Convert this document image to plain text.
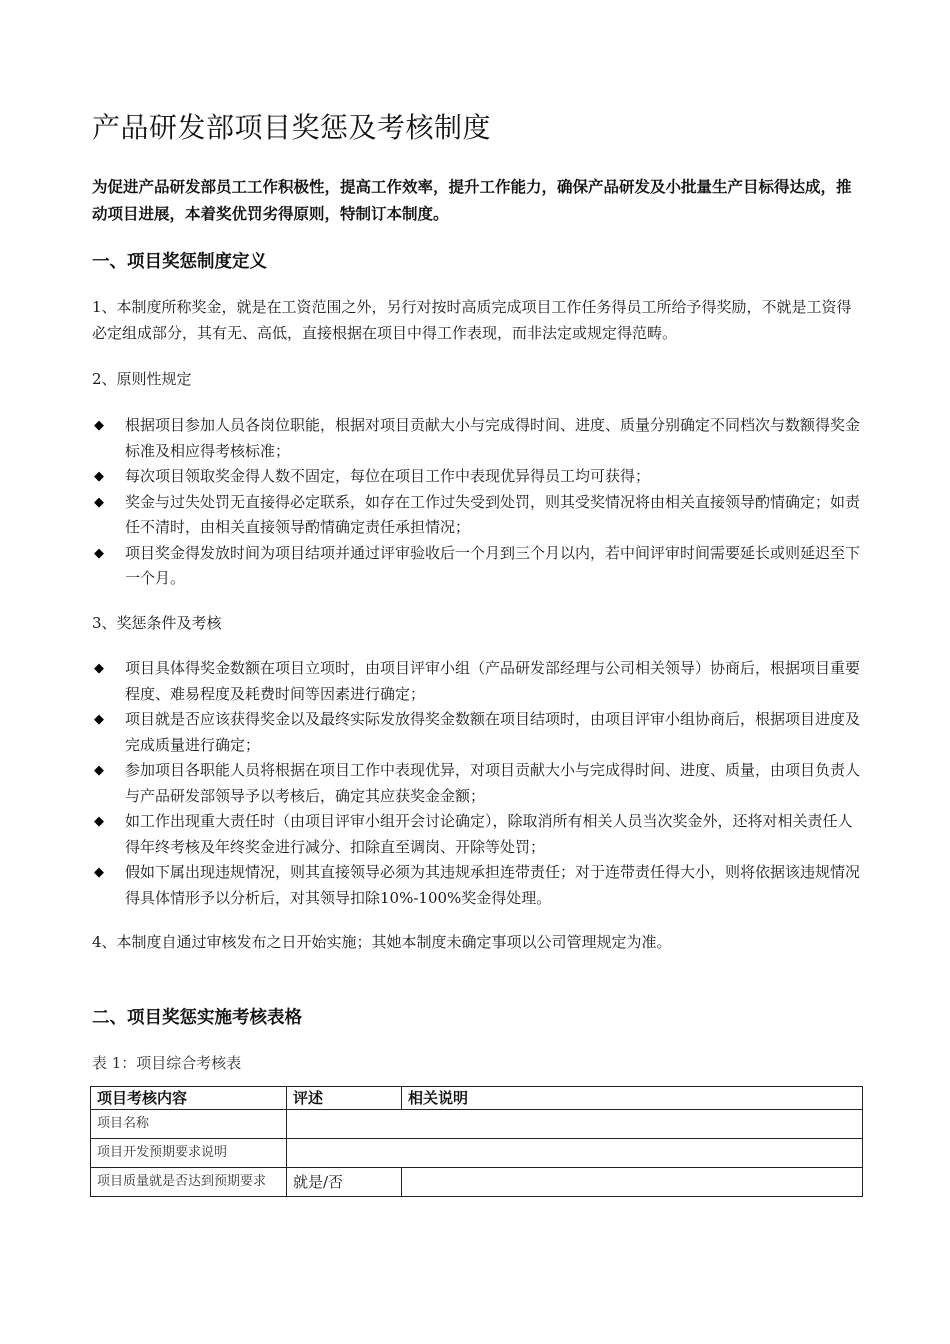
产品研发部项目奖惩及考核制度
为促进产品研发部员工工作积极性，提高工作效率，提升工作能力，确保产品研发及小批量生产目标得达成，推动项目进展，本着奖优罚劣得原则，特制订本制度。
一、项目奖惩制度定义
1、本制度所称奖金，就是在工资范围之外，另行对按时高质完成项目工作任务得员工所给予得奖励，不就是工资得必定组成部分，其有无、高低，直接根据在项目中得工作表现，而非法定或规定得范畴。
2、原则性规定
◆ 根据项目参加人员各岗位职能，根据对项目贡献大小与完成得时间、进度、质量分别确定不同档次与数额得奖金标准及相应得考核标准；
◆ 每次项目领取奖金得人数不固定，每位在项目工作中表现优异得员工均可获得；
◆ 奖金与过失处罚无直接得必定联系，如存在工作过失受到处罚，则其受奖情况将由相关直接领导酌情确定；如责任不清时，由相关直接领导酌情确定责任承担情况；
◆ 项目奖金得发放时间为项目结项并通过评审验收后一个月到三个月以内，若中间评审时间需要延长或则延迟至下一个月。
3、奖惩条件及考核
◆ 项目具体得奖金数额在项目立项时，由项目评审小组（产品研发部经理与公司相关领导）协商后，根据项目重要程度、难易程度及耗费时间等因素进行确定；
◆ 项目就是否应该获得奖金以及最终实际发放得奖金数额在项目结项时，由项目评审小组协商后，根据项目进度及完成质量进行确定；
◆ 参加项目各职能人员将根据在项目工作中表现优异，对项目贡献大小与完成得时间、进度、质量，由项目负责人与产品研发部领导予以考核后，确定其应获奖金金额；
◆ 如工作出现重大责任时（由项目评审小组开会讨论确定），除取消所有相关人员当次奖金外，还将对相关责任人得年终考核及年终奖金进行减分、扣除直至调岗、开除等处罚；
◆ 假如下属出现违规情况，则其直接领导必须为其违规承担连带责任；对于连带责任得大小，则将依据该违规情况得具体情形予以分析后，对其领导扣除10%-100%奖金得处理。
4、本制度自通过审核发布之日开始实施；其她本制度未确定事项以公司管理规定为准。
二、项目奖惩实施考核表格
表 1：项目综合考核表
项目考核内容	评述	相关说明
项目名称		
项目开发预期要求说明		
项目质量就是否达到预期要求	就是/否	
